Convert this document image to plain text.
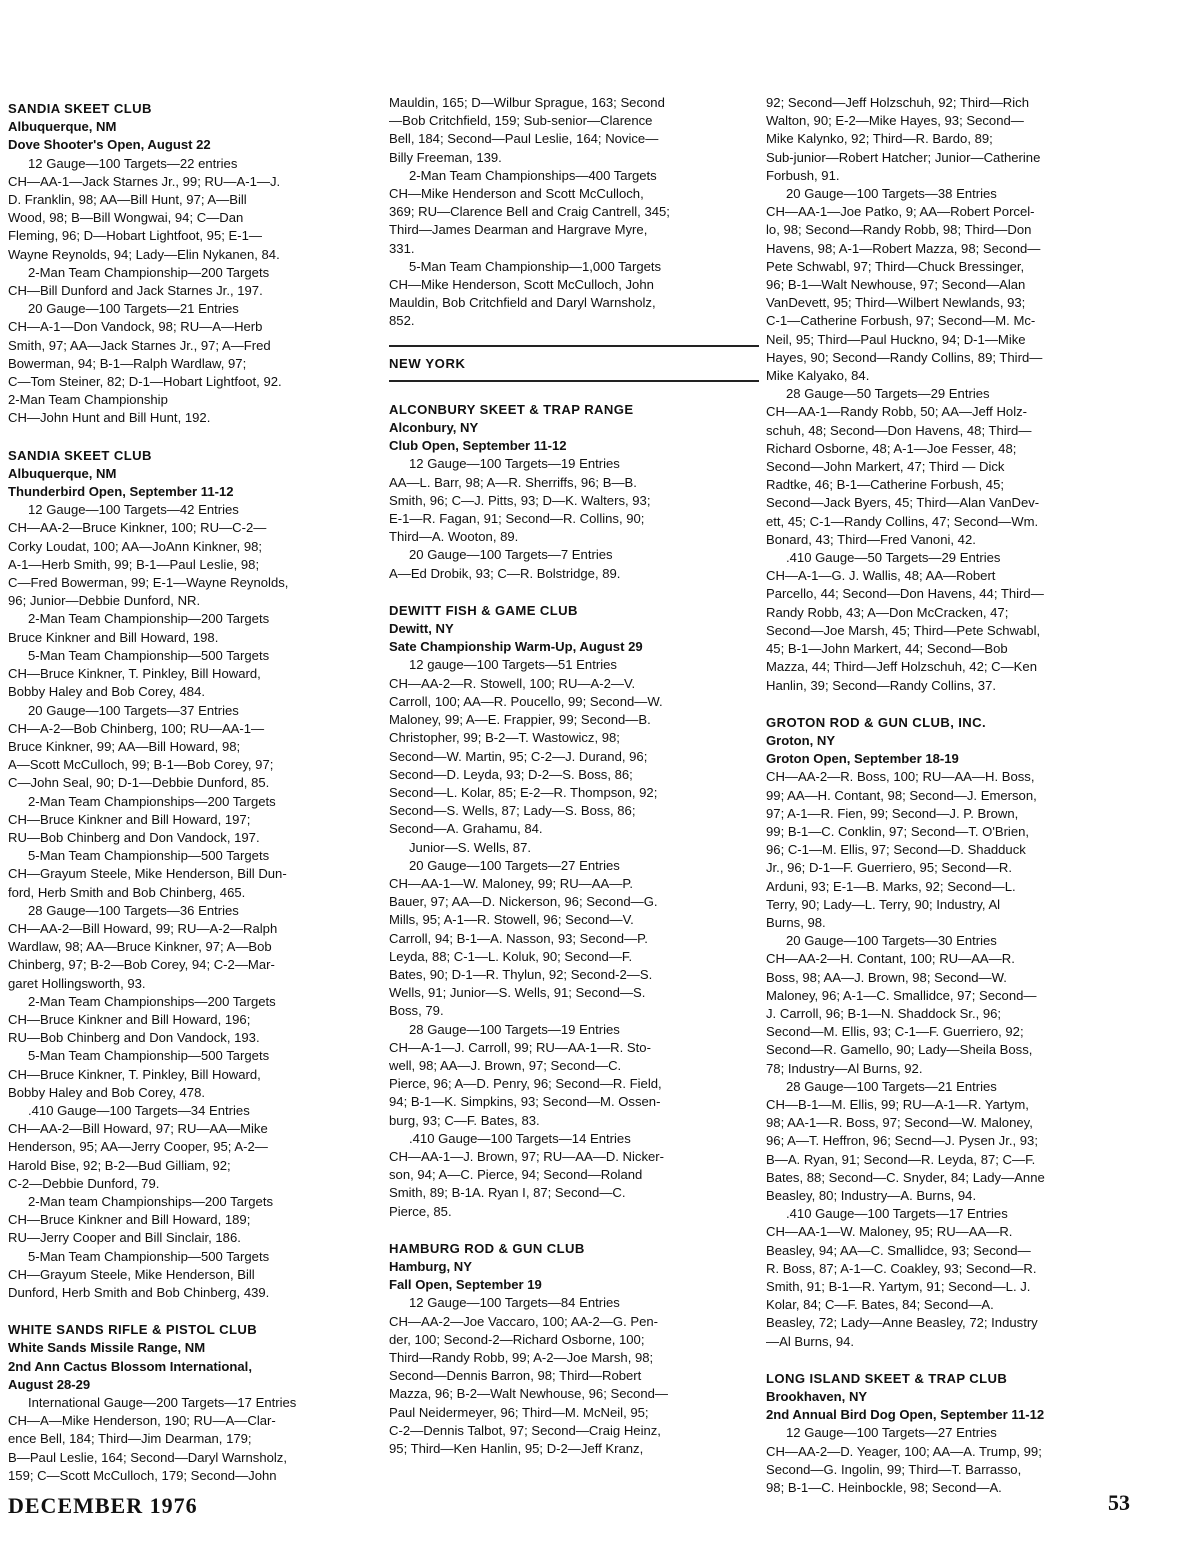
SANDIA SKEET CLUB
Albuquerque, NM
Dove Shooter's Open, August 22
12 Gauge—100 Targets—22 entries
CH—AA-1—Jack Starnes Jr., 99; RU—A-1—J.
D. Franklin, 98; AA—Bill Hunt, 97; A—Bill
Wood, 98; B—Bill Wongwai, 94; C—Dan
Fleming, 96; D—Hobart Lightfoot, 95; E-1—
Wayne Reynolds, 94; Lady—Elin Nykanen, 84.
2-Man Team Championship—200 Targets
CH—Bill Dunford and Jack Starnes Jr., 197.
20 Gauge—100 Targets—21 Entries
CH—A-1—Don Vandock, 98; RU—A—Herb
Smith, 97; AA—Jack Starnes Jr., 97; A—Fred
Bowerman, 94; B-1—Ralph Wardlaw, 97;
C—Tom Steiner, 82; D-1—Hobart Lightfoot, 92.
2-Man Team Championship
CH—John Hunt and Bill Hunt, 192.
SANDIA SKEET CLUB
Albuquerque, NM
Thunderbird Open, September 11-12
12 Gauge—100 Targets—42 Entries
CH—AA-2—Bruce Kinkner, 100; RU—C-2—
Corky Loudat, 100; AA—JoAnn Kinkner, 98;
A-1—Herb Smith, 99; B-1—Paul Leslie, 98;
C—Fred Bowerman, 99; E-1—Wayne Reynolds,
96; Junior—Debbie Dunford, NR.
2-Man Team Championship—200 Targets
Bruce Kinkner and Bill Howard, 198.
5-Man Team Championship—500 Targets
CH—Bruce Kinkner, T. Pinkley, Bill Howard,
Bobby Haley and Bob Corey, 484.
20 Gauge—100 Targets—37 Entries
CH—A-2—Bob Chinberg, 100; RU—AA-1—
Bruce Kinkner, 99; AA—Bill Howard, 98;
A—Scott McCulloch, 99; B-1—Bob Corey, 97;
C—John Seal, 90; D-1—Debbie Dunford, 85.
2-Man Team Championships—200 Targets
CH—Bruce Kinkner and Bill Howard, 197;
RU—Bob Chinberg and Don Vandock, 197.
5-Man Team Championship—500 Targets
CH—Grayum Steele, Mike Henderson, Bill Dun-
ford, Herb Smith and Bob Chinberg, 465.
28 Gauge—100 Targets—36 Entries
CH—AA-2—Bill Howard, 99; RU—A-2—Ralph
Wardlaw, 98; AA—Bruce Kinkner, 97; A—Bob
Chinberg, 97; B-2—Bob Corey, 94; C-2—Mar-
garet Hollingsworth, 93.
2-Man Team Championships—200 Targets
CH—Bruce Kinkner and Bill Howard, 196;
RU—Bob Chinberg and Don Vandock, 193.
5-Man Team Championship—500 Targets
CH—Bruce Kinkner, T. Pinkley, Bill Howard,
Bobby Haley and Bob Corey, 478.
.410 Gauge—100 Targets—34 Entries
CH—AA-2—Bill Howard, 97; RU—AA—Mike
Henderson, 95; AA—Jerry Cooper, 95; A-2—
Harold Bise, 92; B-2—Bud Gilliam, 92;
C-2—Debbie Dunford, 79.
2-Man team Championships—200 Targets
CH—Bruce Kinkner and Bill Howard, 189;
RU—Jerry Cooper and Bill Sinclair, 186.
5-Man Team Championship—500 Targets
CH—Grayum Steele, Mike Henderson, Bill
Dunford, Herb Smith and Bob Chinberg, 439.
WHITE SANDS RIFLE & PISTOL CLUB
White Sands Missile Range, NM
2nd Ann Cactus Blossom International,
August 28-29
International Gauge—200 Targets—17 Entries
CH—A—Mike Henderson, 190; RU—A—Clar-
ence Bell, 184; Third—Jim Dearman, 179;
B—Paul Leslie, 164; Second—Daryl Warnsholz,
159; C—Scott McCulloch, 179; Second—John
Mauldin, 165; D—Wilbur Sprague, 163; Second
—Bob Critchfield, 159; Sub-senior—Clarence
Bell, 184; Second—Paul Leslie, 164; Novice—
Billy Freeman, 139.
2-Man Team Championships—400 Targets
CH—Mike Henderson and Scott McCulloch,
369; RU—Clarence Bell and Craig Cantrell, 345;
Third—James Dearman and Hargrave Myre,
331.
5-Man Team Championship—1,000 Targets
CH—Mike Henderson, Scott McCulloch, John
Mauldin, Bob Critchfield and Daryl Warnsholz,
852.
NEW YORK
ALCONBURY SKEET & TRAP RANGE
Alconbury, NY
Club Open, September 11-12
12 Gauge—100 Targets—19 Entries
AA—L. Barr, 98; A—R. Sherriffs, 96; B—B.
Smith, 96; C—J. Pitts, 93; D—K. Walters, 93;
E-1—R. Fagan, 91; Second—R. Collins, 90;
Third—A. Wooton, 89.
20 Gauge—100 Targets—7 Entries
A—Ed Drobik, 93; C—R. Bolstridge, 89.
DEWITT FISH & GAME CLUB
Dewitt, NY
Sate Championship Warm-Up, August 29
12 gauge—100 Targets—51 Entries
CH—AA-2—R. Stowell, 100; RU—A-2—V.
Carroll, 100; AA—R. Poucello, 99; Second—W.
Maloney, 99; A—E. Frappier, 99; Second—B.
Christopher, 99; B-2—T. Wastowicz, 98;
Second—W. Martin, 95; C-2—J. Durand, 96;
Second—D. Leyda, 93; D-2—S. Boss, 86;
Second—L. Kolar, 85; E-2—R. Thompson, 92;
Second—S. Wells, 87; Lady—S. Boss, 86;
Second—A. Grahamu, 84.
Junior—S. Wells, 87.
20 Gauge—100 Targets—27 Entries
CH—AA-1—W. Maloney, 99; RU—AA—P.
Bauer, 97; AA—D. Nickerson, 96; Second—G.
Mills, 95; A-1—R. Stowell, 96; Second—V.
Carroll, 94; B-1—A. Nasson, 93; Second—P.
Leyda, 88; C-1—L. Koluk, 90; Second—F.
Bates, 90; D-1—R. Thylun, 92; Second-2—S.
Wells, 91; Junior—S. Wells, 91; Second—S.
Boss, 79.
28 Gauge—100 Targets—19 Entries
CH—A-1—J. Carroll, 99; RU—AA-1—R. Sto-
well, 98; AA—J. Brown, 97; Second—C.
Pierce, 96; A—D. Penry, 96; Second—R. Field,
94; B-1—K. Simpkins, 93; Second—M. Ossen-
burg, 93; C—F. Bates, 83.
.410 Gauge—100 Targets—14 Entries
CH—AA-1—J. Brown, 97; RU—AA—D. Nicker-
son, 94; A—C. Pierce, 94; Second—Roland
Smith, 89; B-1A. Ryan I, 87; Second—C.
Pierce, 85.
HAMBURG ROD & GUN CLUB
Hamburg, NY
Fall Open, September 19
12 Gauge—100 Targets—84 Entries
CH—AA-2—Joe Vaccaro, 100; AA-2—G. Pen-
der, 100; Second-2—Richard Osborne, 100;
Third—Randy Robb, 99; A-2—Joe Marsh, 98;
Second—Dennis Barron, 98; Third—Robert
Mazza, 96; B-2—Walt Newhouse, 96; Second—
Paul Neidermeyer, 96; Third—M. McNeil, 95;
C-2—Dennis Talbot, 97; Second—Craig Heinz,
95; Third—Ken Hanlin, 95; D-2—Jeff Kranz,
92; Second—Jeff Holzschuh, 92; Third—Rich
Walton, 90; E-2—Mike Hayes, 93; Second—
Mike Kalynko, 92; Third—R. Bardo, 89;
Sub-junior—Robert Hatcher; Junior—Catherine
Forbush, 91.
20 Gauge—100 Targets—38 Entries
CH—AA-1—Joe Patko, 9; AA—Robert Porcel-
lo, 98; Second—Randy Robb, 98; Third—Don
Havens, 98; A-1—Robert Mazza, 98; Second—
Pete Schwabl, 97; Third—Chuck Bressinger,
96; B-1—Walt Newhouse, 97; Second—Alan
VanDevett, 95; Third—Wilbert Newlands, 93;
C-1—Catherine Forbush, 97; Second—M. Mc-
Neil, 95; Third—Paul Huckno, 94; D-1—Mike
Hayes, 90; Second—Randy Collins, 89; Third—
Mike Kalyako, 84.
28 Gauge—50 Targets—29 Entries
CH—AA-1—Randy Robb, 50; AA—Jeff Holz-
schuh, 48; Second—Don Havens, 48; Third—
Richard Osborne, 48; A-1—Joe Fesser, 48;
Second—John Markert, 47; Third — Dick
Radtke, 46; B-1—Catherine Forbush, 45;
Second—Jack Byers, 45; Third—Alan VanDev-
ett, 45; C-1—Randy Collins, 47; Second—Wm.
Bonard, 43; Third—Fred Vanoni, 42.
.410 Gauge—50 Targets—29 Entries
CH—A-1—G. J. Wallis, 48; AA—Robert
Parcello, 44; Second—Don Havens, 44; Third—
Randy Robb, 43; A—Don McCracken, 47;
Second—Joe Marsh, 45; Third—Pete Schwabl,
45; B-1—John Markert, 44; Second—Bob
Mazza, 44; Third—Jeff Holzschuh, 42; C—Ken
Hanlin, 39; Second—Randy Collins, 37.
GROTON ROD & GUN CLUB, INC.
Groton, NY
Groton Open, September 18-19
CH—AA-2—R. Boss, 100; RU—AA—H. Boss,
99; AA—H. Contant, 98; Second—J. Emerson,
97; A-1—R. Fien, 99; Second—J. P. Brown,
99; B-1—C. Conklin, 97; Second—T. O'Brien,
96; C-1—M. Ellis, 97; Second—D. Shadduck
Jr., 96; D-1—F. Guerriero, 95; Second—R.
Arduni, 93; E-1—B. Marks, 92; Second—L.
Terry, 90; Lady—L. Terry, 90; Industry, Al
Burns, 98.
20 Gauge—100 Targets—30 Entries
CH—AA-2—H. Contant, 100; RU—AA—R.
Boss, 98; AA—J. Brown, 98; Second—W.
Maloney, 96; A-1—C. Smallidce, 97; Second—
J. Carroll, 96; B-1—N. Shaddock Sr., 96;
Second—M. Ellis, 93; C-1—F. Guerriero, 92;
Second—R. Gamello, 90; Lady—Sheila Boss,
78; Industry—Al Burns, 92.
28 Gauge—100 Targets—21 Entries
CH—B-1—M. Ellis, 99; RU—A-1—R. Yartym,
98; AA-1—R. Boss, 97; Second—W. Maloney,
96; A—T. Heffron, 96; Secnd—J. Pysen Jr., 93;
B—A. Ryan, 91; Second—R. Leyda, 87; C—F.
Bates, 88; Second—C. Snyder, 84; Lady—Anne
Beasley, 80; Industry—A. Burns, 94.
.410 Gauge—100 Targets—17 Entries
CH—AA-1—W. Maloney, 95; RU—AA—R.
Beasley, 94; AA—C. Smallidce, 93; Second—
R. Boss, 87; A-1—C. Coakley, 93; Second—R.
Smith, 91; B-1—R. Yartym, 91; Second—L. J.
Kolar, 84; C—F. Bates, 84; Second—A.
Beasley, 72; Lady—Anne Beasley, 72; Industry
—Al Burns, 94.
LONG ISLAND SKEET & TRAP CLUB
Brookhaven, NY
2nd Annual Bird Dog Open, September 11-12
12 Gauge—100 Targets—27 Entries
CH—AA-2—D. Yeager, 100; AA—A. Trump, 99;
Second—G. Ingolin, 99; Third—T. Barrasso,
98; B-1—C. Heinbockle, 98; Second—A.
DECEMBER 1976	53
